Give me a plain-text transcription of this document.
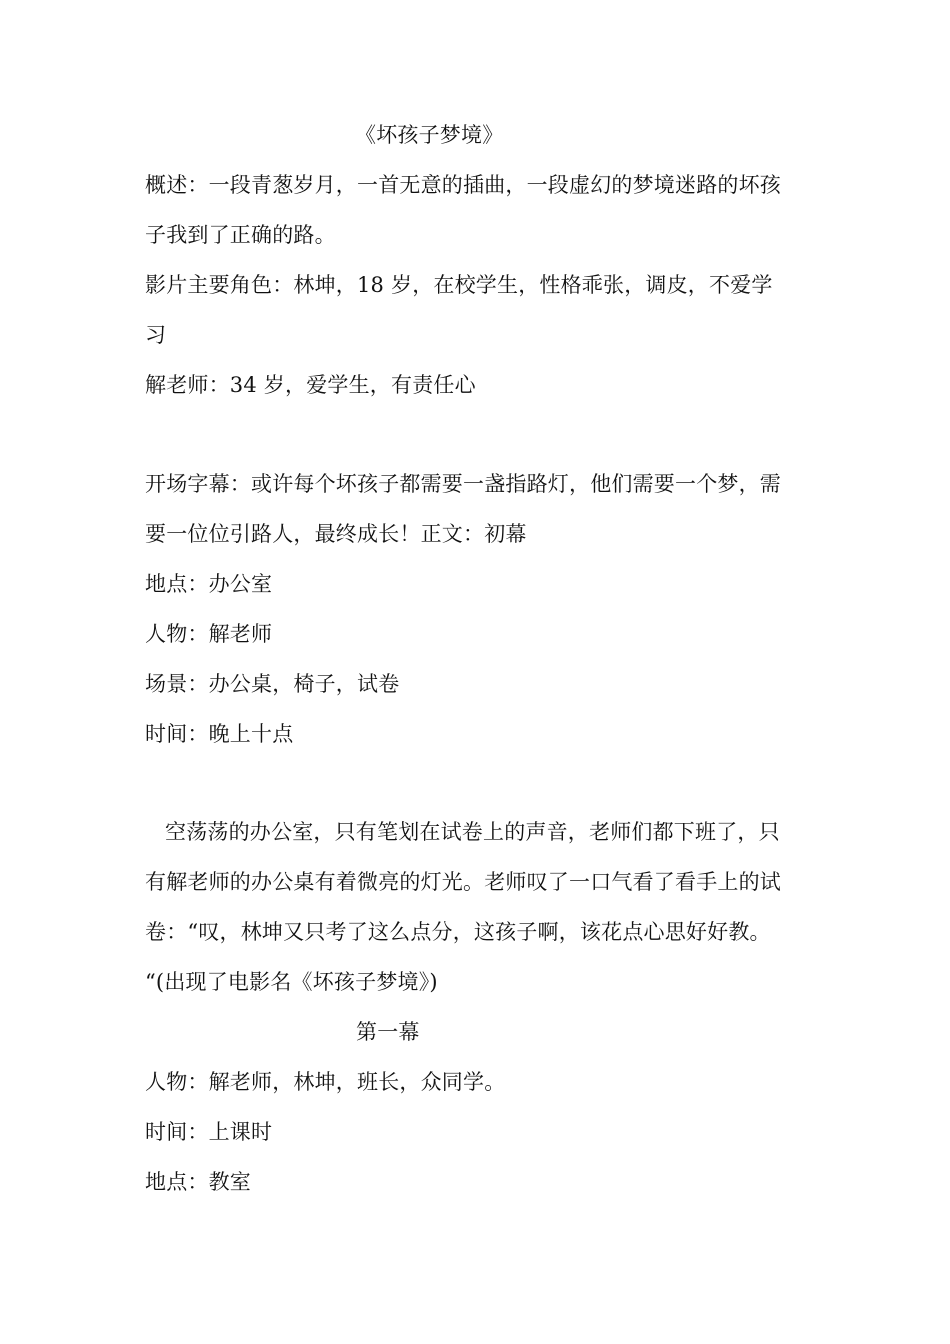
《坏孩子梦境》
概述：一段青葱岁月，一首无意的插曲，一段虚幻的梦境迷路的坏孩
子我到了正确的路。
影片主要角色：林坤，18 岁，在校学生，性格乖张，调皮，不爱学
习
解老师：34 岁，爱学生，有责任心
开场字幕：或许每个坏孩子都需要一盏指路灯，他们需要一个梦，需
要一位位引路人，最终成长！正文：初幕
地点：办公室
人物：解老师
场景：办公桌，椅子，试卷
时间：晚上十点
空荡荡的办公室，只有笔划在试卷上的声音，老师们都下班了，只
有解老师的办公桌有着微亮的灯光。老师叹了一口气看了看手上的试
卷：“叹，林坤又只考了这么点分，这孩子啊，该花点心思好好教。
“(出现了电影名《坏孩子梦境》)
第一幕
人物：解老师，林坤，班长，众同学。
时间：上课时
地点：教室
